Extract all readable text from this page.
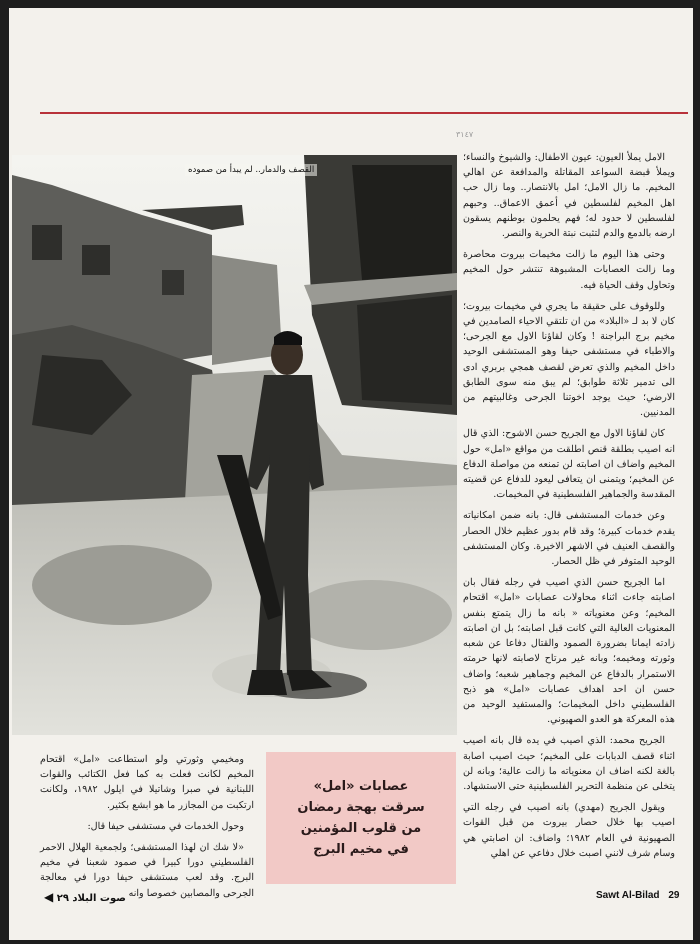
القصف والدمار.. لم يبدأ من صموده
٣١٤٧

الامل يملأ العيون: عيون الاطفال: والشيوخ والنساء؛ ويملأ قبضة السواعد المقاتلة والمدافعة عن اهالي المخيم. ما زال الامل؛ امل بالانتصار.. وما زال حب اهل المخيم لفلسطين في أعمق الاعماق.. وحبهم لفلسطين لا حدود له؛ فهم يحلمون بوطنهم يسقون ارضه بالدمع والدم لتثبت نبتة الحرية والنصر.

وحتى هذا اليوم ما زالت مخيمات بيروت محاصرة وما زالت العصابات المشبوهة تنتشر حول المخيم وتحاول وقف الحياة فيه.

وللوقوف على حقيقة ما يجري في مخيمات بيروت؛ كان لا بد لـ «البلاد» من ان تلتقي الاحياء الصامدين في مخيم برج البراجنة ! وكان لقاؤنا الاول مع الجرحى؛ والاطباء في مستشفى حيفا وهو المستشفى الوحيد داخل المخيم والذي تعرض لقصف همجي بربري ادى الى تدمير ثلاثة طوابق؛ لم يبق منه سوى الطابق الارضي؛ حيث يوجد اخوتنا الجرحى وغالبيتهم من المدنيين.

كان لقاؤنا الاول مع الجريح حسن الاشوح: الذي قال انه اصيب بطلقة قنص اطلقت من مواقع «امل» حول المخيم واضاف ان اصابته لن تمنعه من مواصلة الدفاع عن المخيم؛ ويتمنى ان يتعافى ليعود للدفاع عن قضيته المقدسة والجماهير الفلسطينية في المخيمات.

وعن خدمات المستشفى قال: بانه ضمن امكانياته يقدم خدمات كبيرة؛ وقد قام بدور عظيم خلال الحصار والقصف العنيف في الاشهر الاخيرة. وكان المستشفى الوحيد المتوفر في ظل الحصار.

اما الجريح حسن الذي اصيب في رجله فقال بان اصابته جاءت اثناء محاولات عصابات «امل» اقتحام المخيم؛ وعن معنوياته « بانه ما زال يتمتع بنفس المعنويات العالية التي كانت قبل اصابته؛ بل ان اصابته زادته ايمانا بضرورة الصمود والقتال دفاعا عن شعبه وثورته ومخيمه؛ وبانه غير مرتاح لاصابته لانها حرمته الاستمرار بالدفاع عن المخيم وجماهير شعبه؛ واضاف حسن ان احد اهداف عصابات «امل» هو ذبح الفلسطيني داخل المخيمات؛ والمستفيد الوحيد من هذه المعركة هو العدو الصهيوني.

الجريح محمد: الذي اصيب في يده قال بانه اصيب اثناء قصف الدبابات على المخيم؛ حيث اصيب اصابة بالغة لكنه اضاف ان معنوياته ما زالت عالية؛ وبانه لن يتخلى عن منظمة التحرير الفلسطينية حتى الاستشهاد.

ويقول الجريح (مهدي) بانه اصيب في رجله التي اصيب بها خلال حصار بيروت من قبل القوات الصهيونية في العام ١٩٨٢؛ واضاف: ان اصابتي هي وسام شرف لانني اصبت خلال دفاعي عن اهلي

عصابات «امل»
سرقت بهجة رمضان
من قلوب المؤمنين
في مخيم البرج

ومخيمي وثورتي ولو استطاعت «امل» اقتحام المخيم لكانت فعلت به كما فعل الكتائب والقوات اللبنانية في صبرا وشاتيلا في ايلول ١٩٨٢، ولكانت ارتكبت من المجازر ما هو ابشع بكثير.

وحول الخدمات في مستشفى حيفا قال:

«لا شك ان لهذا المستشفى؛ ولجمعية الهلال الاحمر الفلسطيني دورا كبيرا في صمود شعبنا في مخيم البرج. وقد لعب مستشفى حيفا دورا في معالجة الجرحى والمصابين خصوصا وانه

صوت البلاد ٢٩ ◀	Sawt Al-Bilad 29
